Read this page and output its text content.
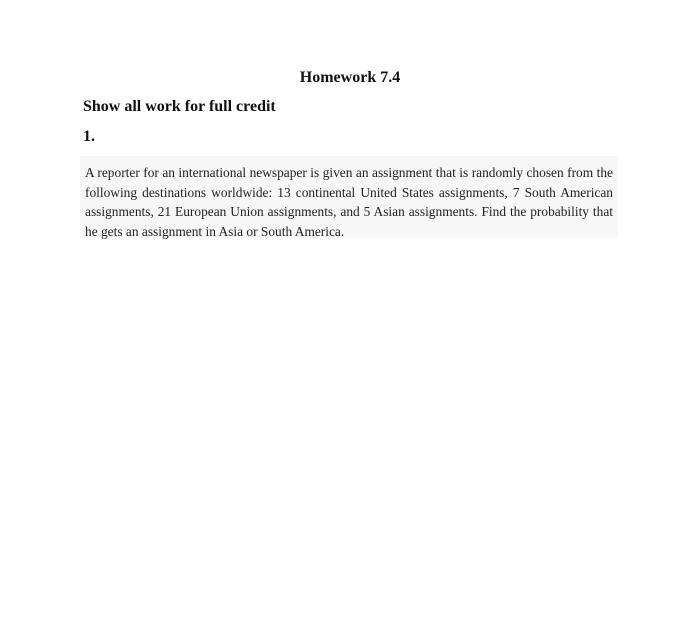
Homework 7.4
Show all work for full credit
1.

A reporter for an international newspaper is given an assignment that is randomly chosen from the following destinations worldwide: 13 continental United States assignments, 7 South American assignments, 21 European Union assignments, and 5 Asian assignments. Find the probability that he gets an assignment in Asia or South America.
